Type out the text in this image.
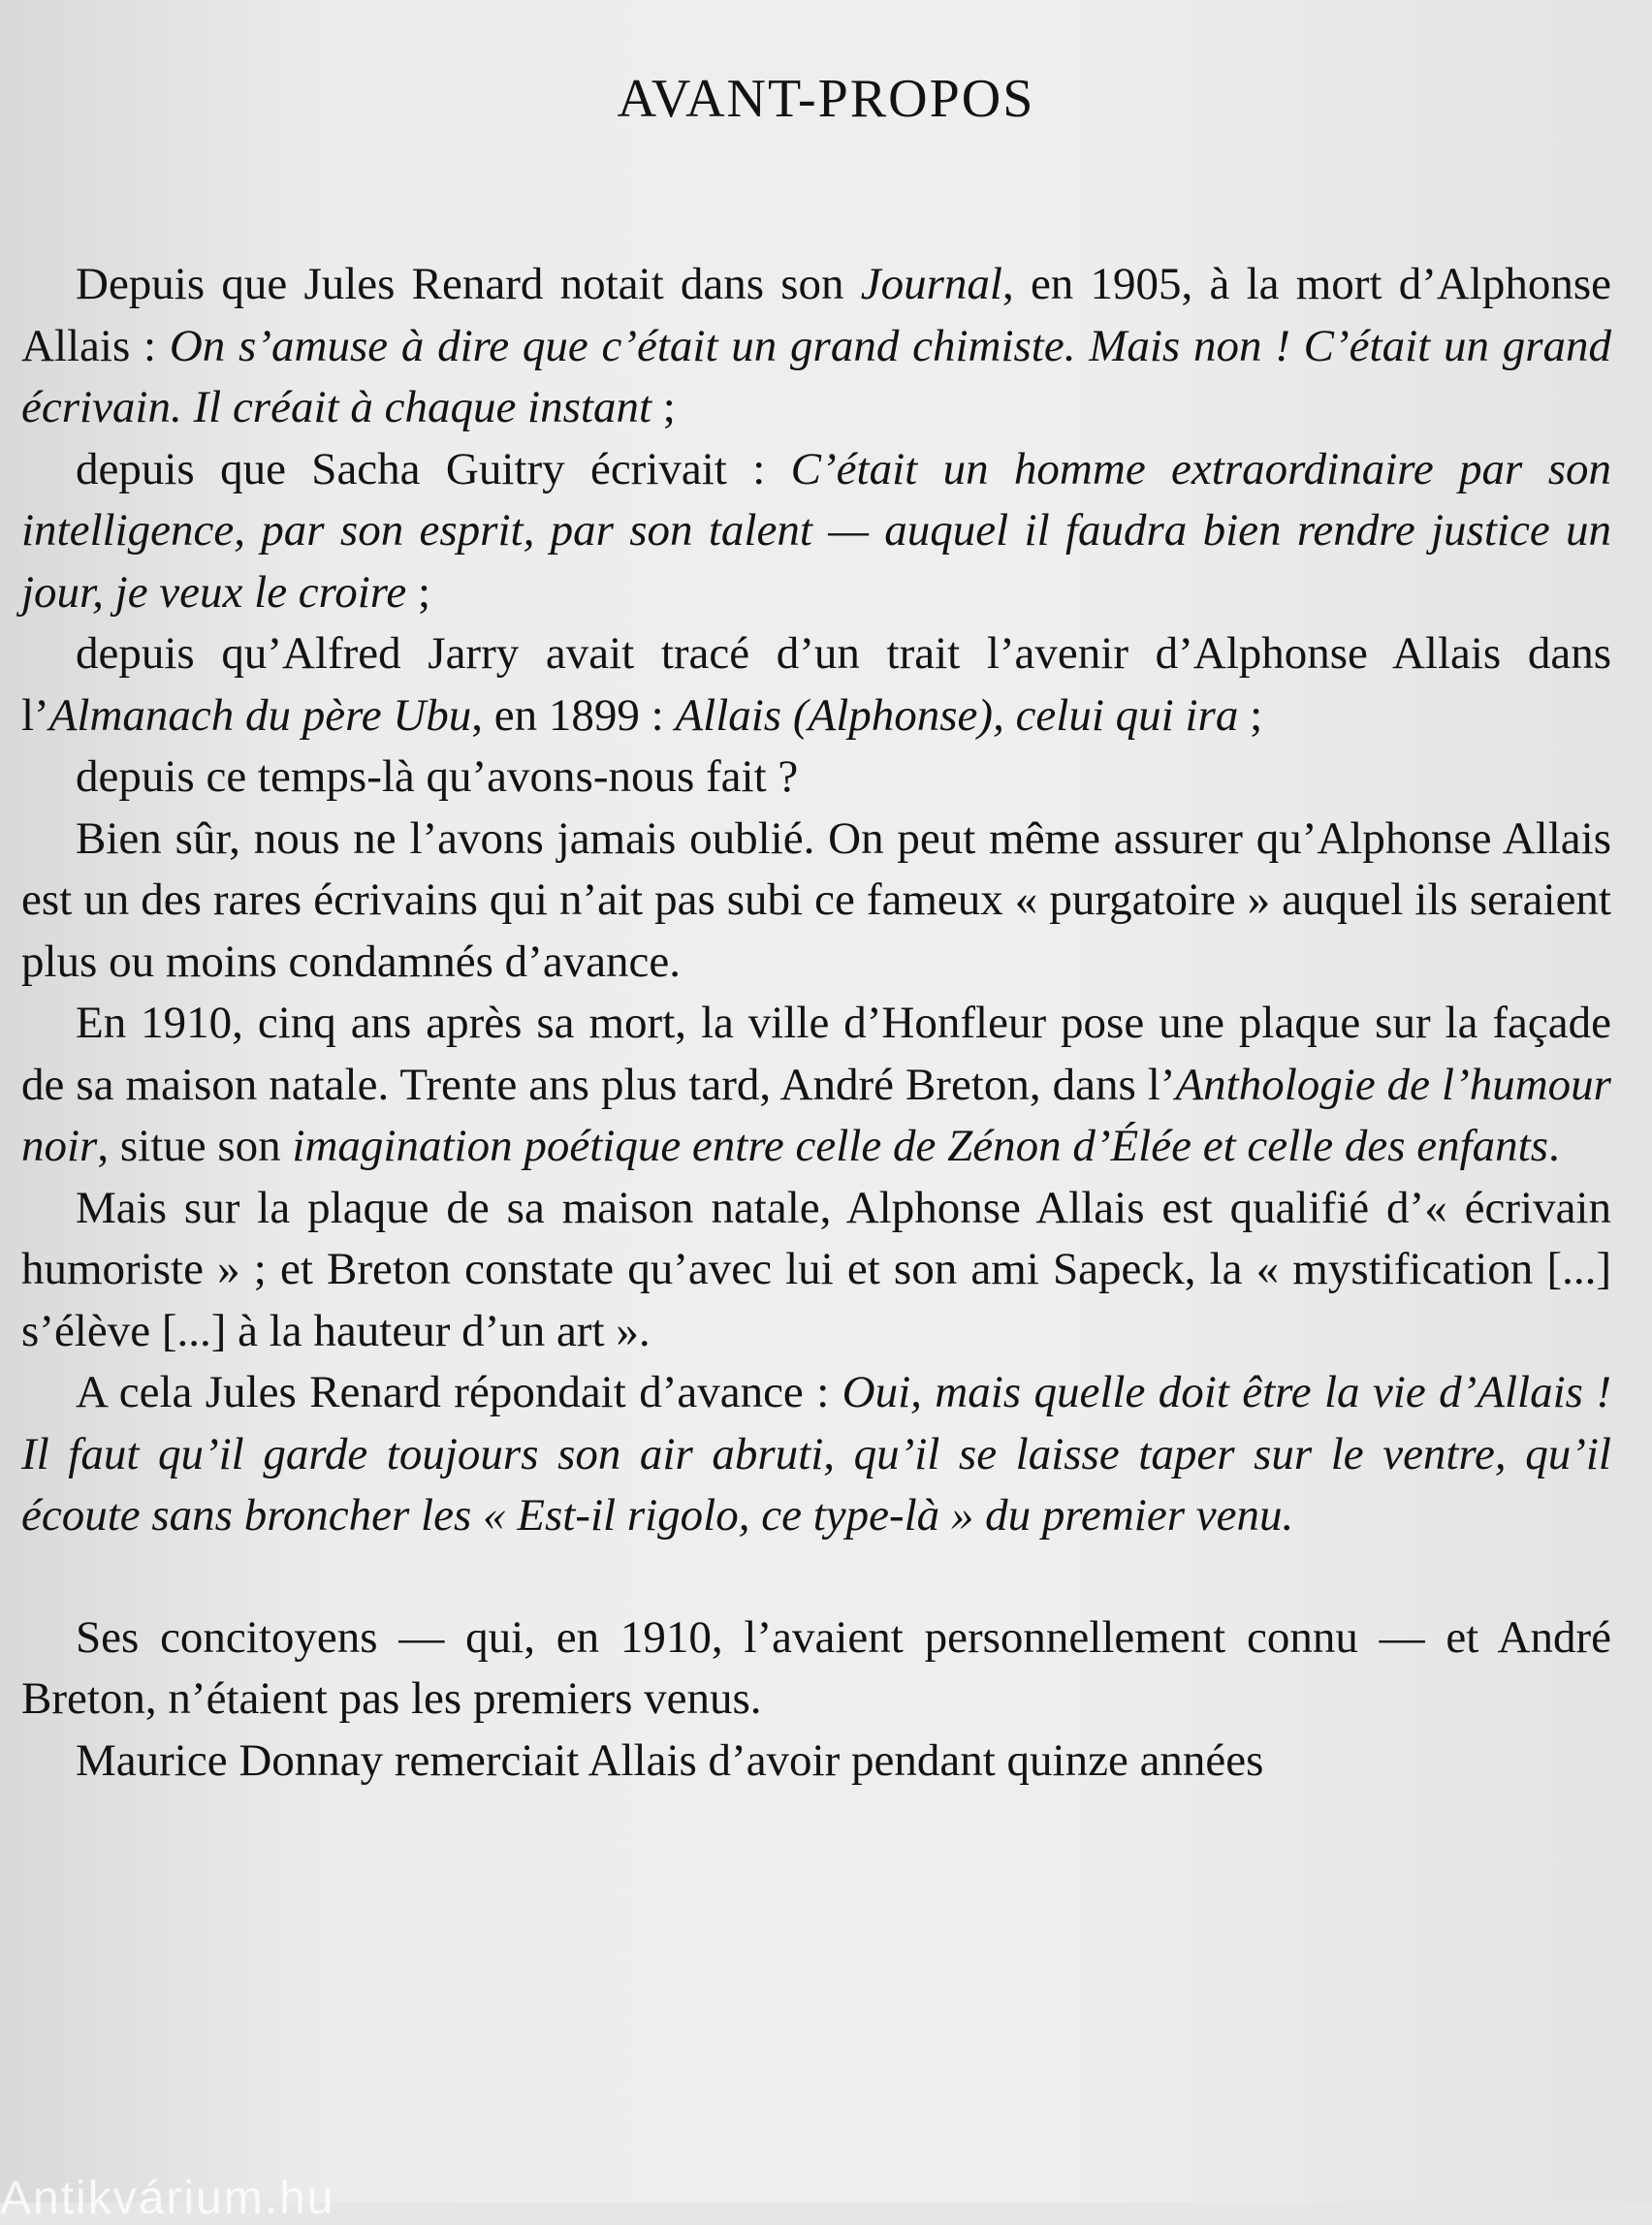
AVANT-PROPOS

Depuis que Jules Renard notait dans son Journal, en 1905, à la mort d’Alphonse Allais : On s’amuse à dire que c’était un grand chimiste. Mais non ! C’était un grand écrivain. Il créait à chaque instant ;

depuis que Sacha Guitry écrivait : C’était un homme extraordinaire par son intelligence, par son esprit, par son talent — auquel il faudra bien rendre justice un jour, je veux le croire ;

depuis qu’Alfred Jarry avait tracé d’un trait l’avenir d’Alphonse Allais dans l’Almanach du père Ubu, en 1899 : Allais (Alphonse), celui qui ira ;

depuis ce temps-là qu’avons-nous fait ?

Bien sûr, nous ne l’avons jamais oublié. On peut même assurer qu’Alphonse Allais est un des rares écrivains qui n’ait pas subi ce fameux « purgatoire » auquel ils seraient plus ou moins condamnés d’avance.

En 1910, cinq ans après sa mort, la ville d’Honfleur pose une plaque sur la façade de sa maison natale. Trente ans plus tard, André Breton, dans l’Anthologie de l’humour noir, situe son imagination poétique entre celle de Zénon d’Élée et celle des enfants.

Mais sur la plaque de sa maison natale, Alphonse Allais est qualifié d’« écrivain humoriste » ; et Breton constate qu’avec lui et son ami Sapeck, la « mystification [...] s’élève [...] à la hauteur d’un art ».

A cela Jules Renard répondait d’avance : Oui, mais quelle doit être la vie d’Allais ! Il faut qu’il garde toujours son air abruti, qu’il se laisse taper sur le ventre, qu’il écoute sans broncher les « Est-il rigolo, ce type-là » du premier venu.

Ses concitoyens — qui, en 1910, l’avaient personnellement connu — et André Breton, n’étaient pas les premiers venus.

Maurice Donnay remerciait Allais d’avoir pendant quinze années

Antikvárium.hu
